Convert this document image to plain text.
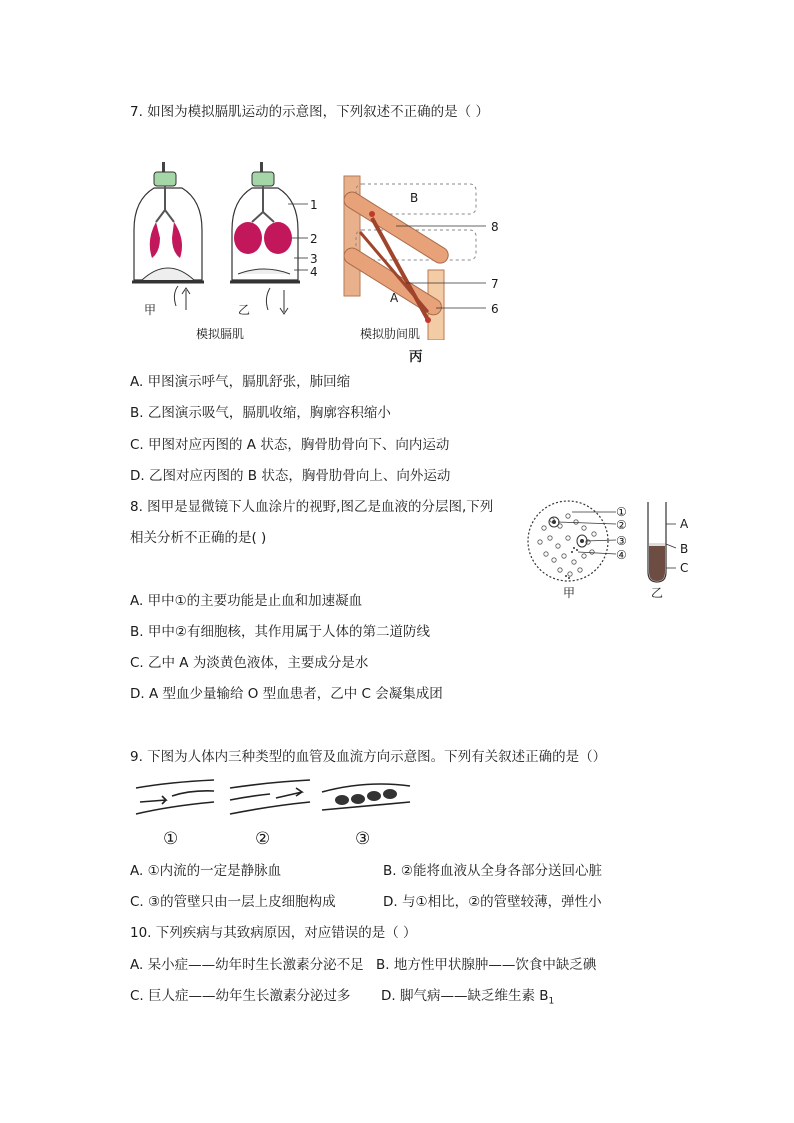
7. 如图为模拟膈肌运动的示意图，下列叙述不正确的是（ ）
1
2
3
4
甲	乙
模拟膈肌
B
8
7
6
A
模拟肋间肌
丙
A. 甲图演示呼气，膈肌舒张，肺回缩
B. 乙图演示吸气，膈肌收缩，胸廓容积缩小
C. 甲图对应丙图的 A 状态，胸骨肋骨向下、向内运动
D. 乙图对应丙图的 B 状态，胸骨肋骨向上、向外运动
8. 图甲是显微镜下人血涂片的视野,图乙是血液的分层图,下列
相关分析不正确的是( )
①
②
③
④
甲
A
B
C
乙
A. 甲中①的主要功能是止血和加速凝血
B. 甲中②有细胞核，其作用属于人体的第二道防线
C. 乙中 A 为淡黄色液体，主要成分是水
D. A 型血少量输给 O 型血患者，乙中 C 会凝集成团
9. 下图为人体内三种类型的血管及血流方向示意图。下列有关叙述正确的是（）
①	②	③
A. ①内流的一定是静脉血	B. ②能将血液从全身各部分送回心脏
C. ③的管壁只由一层上皮细胞构成	D. 与①相比，②的管壁较薄，弹性小
10. 下列疾病与其致病原因，对应错误的是（ ）
A. 呆小症——幼年时生长激素分泌不足 B. 地方性甲状腺肿——饮食中缺乏碘
C. 巨人症——幼年生长激素分泌过多 D. 脚气病——缺乏维生素 $B_1$
